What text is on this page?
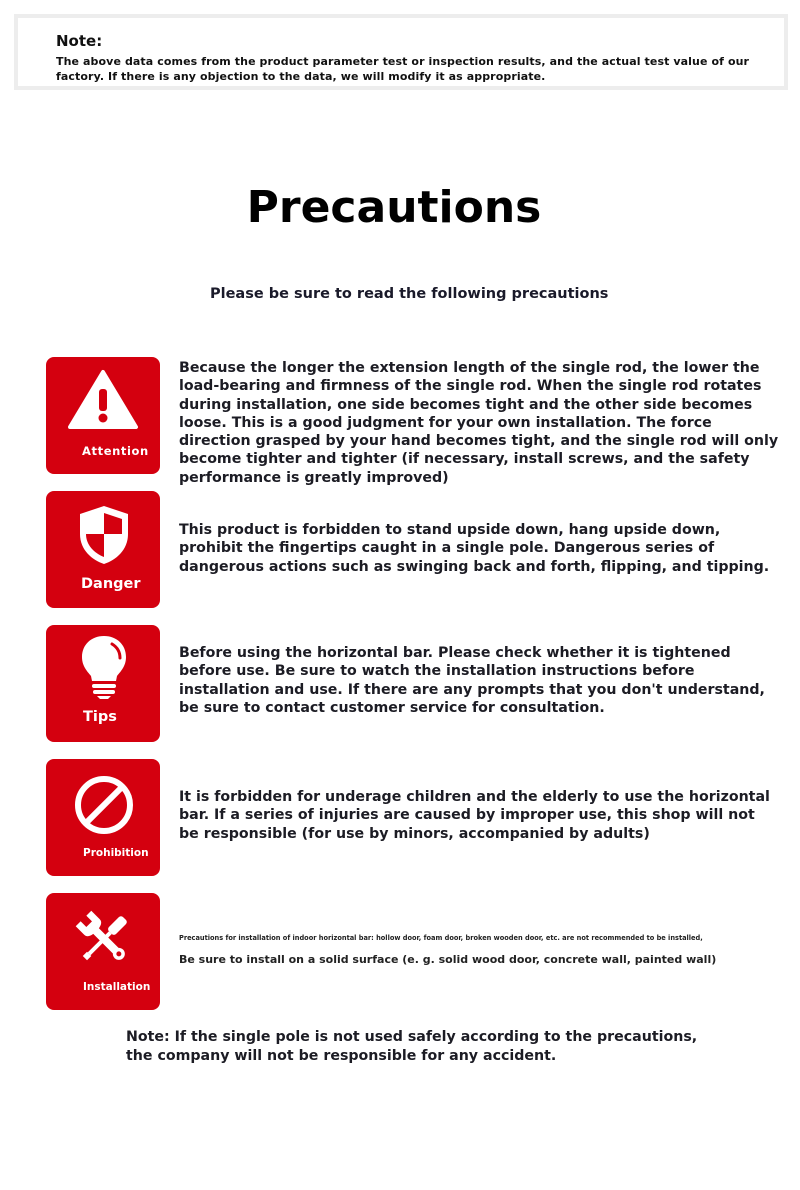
Note:
The above data comes from the product parameter test or inspection results, and the actual test value of our factory. If there is any objection to the data, we will modify it as appropriate.
Precautions
Please be sure to read the following precautions
Attention
Because the longer the extension length of the single rod, the lower the load-bearing and firmness of the single rod. When the single rod rotates during installation, one side becomes tight and the other side becomes loose. This is a good judgment for your own installation. The force direction grasped by your hand becomes tight, and the single rod will only become tighter and tighter (if necessary, install screws, and the safety performance is greatly improved)
Danger
This product is forbidden to stand upside down, hang upside down, prohibit the fingertips caught in a single pole. Dangerous series of dangerous actions such as swinging back and forth, flipping, and tipping.
Tips
Before using the horizontal bar. Please check whether it is tightened before use. Be sure to watch the installation instructions before installation and use. If there are any prompts that you don't understand, be sure to contact customer service for consultation.
Prohibition
It is forbidden for underage children and the elderly to use the horizontal bar. If a series of injuries are caused by improper use, this shop will not be responsible (for use by minors, accompanied by adults)
Installation
Precautions for installation of indoor horizontal bar: hollow door, foam door, broken wooden door, etc. are not recommended to be installed,
Be sure to install on a solid surface (e. g. solid wood door, concrete wall, painted wall)
Note: If the single pole is not used safely according to the precautions, the company will not be responsible for any accident.
